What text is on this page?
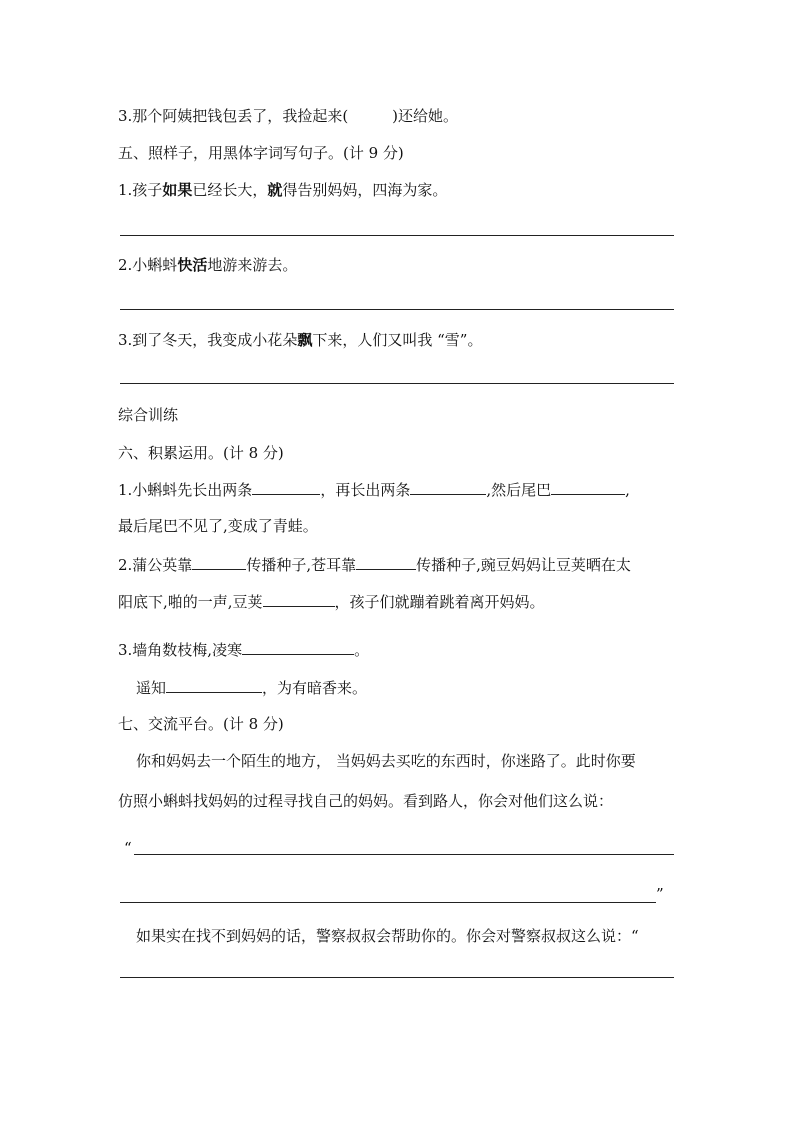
3.那个阿姨把钱包丢了，我捡起来(	)还给她。
五、照样子，用黑体字词写句子。(计 9 分)
1.孩子如果已经长大，就得告别妈妈，四海为家。
2.小蝌蚪快活地游来游去。
3.到了冬天，我变成小花朵飘下来，人们又叫我 “雪”。
综合训练
六、积累运用。(计 8 分)
1.小蝌蚪先长出两条	，再长出两条	,然后尾巴	,
最后尾巴不见了,变成了青蛙。
2.蒲公英靠	传播种子,苍耳靠	传播种子,豌豆妈妈让豆荚晒在太
阳底下,啪的一声,豆荚	，孩子们就蹦着跳着离开妈妈。
3.墙角数枝梅,凌寒	。
遥知	，为有暗香来。
七、交流平台。(计 8 分)
你和妈妈去一个陌生的地方， 当妈妈去买吃的东西时，你迷路了。此时你要
仿照小蝌蚪找妈妈的过程寻找自己的妈妈。看到路人，你会对他们这么说：
“
”
如果实在找不到妈妈的话，警察叔叔会帮助你的。你会对警察叔叔这么说：“
